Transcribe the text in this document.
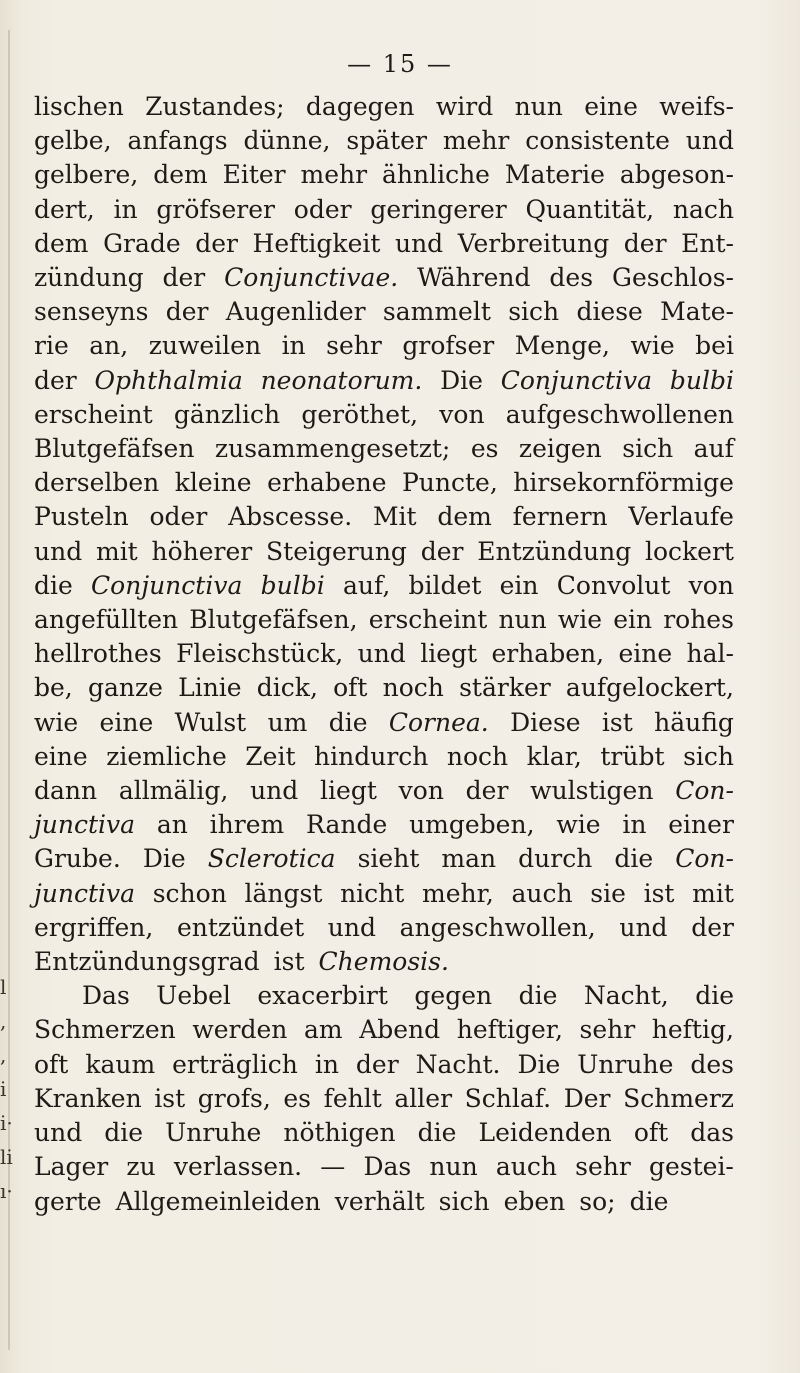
l
,
,
i
i·
li
ı·
— 15 —
lischen Zustandes; dagegen wird nun eine weifs-
gelbe, anfangs dünne, später mehr consistente und
gelbere, dem Eiter mehr ähnliche Materie abgeson-
dert, in gröfserer oder geringerer Quantität, nach
dem Grade der Heftigkeit und Verbreitung der Ent-
zündung der Conjunctivae. Während des Geschlos-
senseyns der Augenlider sammelt sich diese Mate-
rie an, zuweilen in sehr grofser Menge, wie bei
der Ophthalmia neonatorum. Die Conjunctiva bulbi
erscheint gänzlich geröthet, von aufgeschwollenen
Blutgefäfsen zusammengesetzt; es zeigen sich auf
derselben kleine erhabene Puncte, hirsekornförmige
Pusteln oder Abscesse. Mit dem fernern Verlaufe
und mit höherer Steigerung der Entzündung lockert
die Conjunctiva bulbi auf, bildet ein Convolut von
angefüllten Blutgefäfsen, erscheint nun wie ein rohes
hellrothes Fleischstück, und liegt erhaben, eine hal-
be, ganze Linie dick, oft noch stärker aufgelockert,
wie eine Wulst um die Cornea. Diese ist häufig
eine ziemliche Zeit hindurch noch klar, trübt sich
dann allmälig, und liegt von der wulstigen Con-
junctiva an ihrem Rande umgeben, wie in einer
Grube. Die Sclerotica sieht man durch die Con-
junctiva schon längst nicht mehr, auch sie ist mit
ergriffen, entzündet und angeschwollen, und der
Entzündungsgrad ist Chemosis.
Das Uebel exacerbirt gegen die Nacht, die
Schmerzen werden am Abend heftiger, sehr heftig,
oft kaum erträglich in der Nacht. Die Unruhe des
Kranken ist grofs, es fehlt aller Schlaf. Der Schmerz
und die Unruhe nöthigen die Leidenden oft das
Lager zu verlassen. — Das nun auch sehr gestei-
gerte Allgemeinleiden verhält sich eben so; die
